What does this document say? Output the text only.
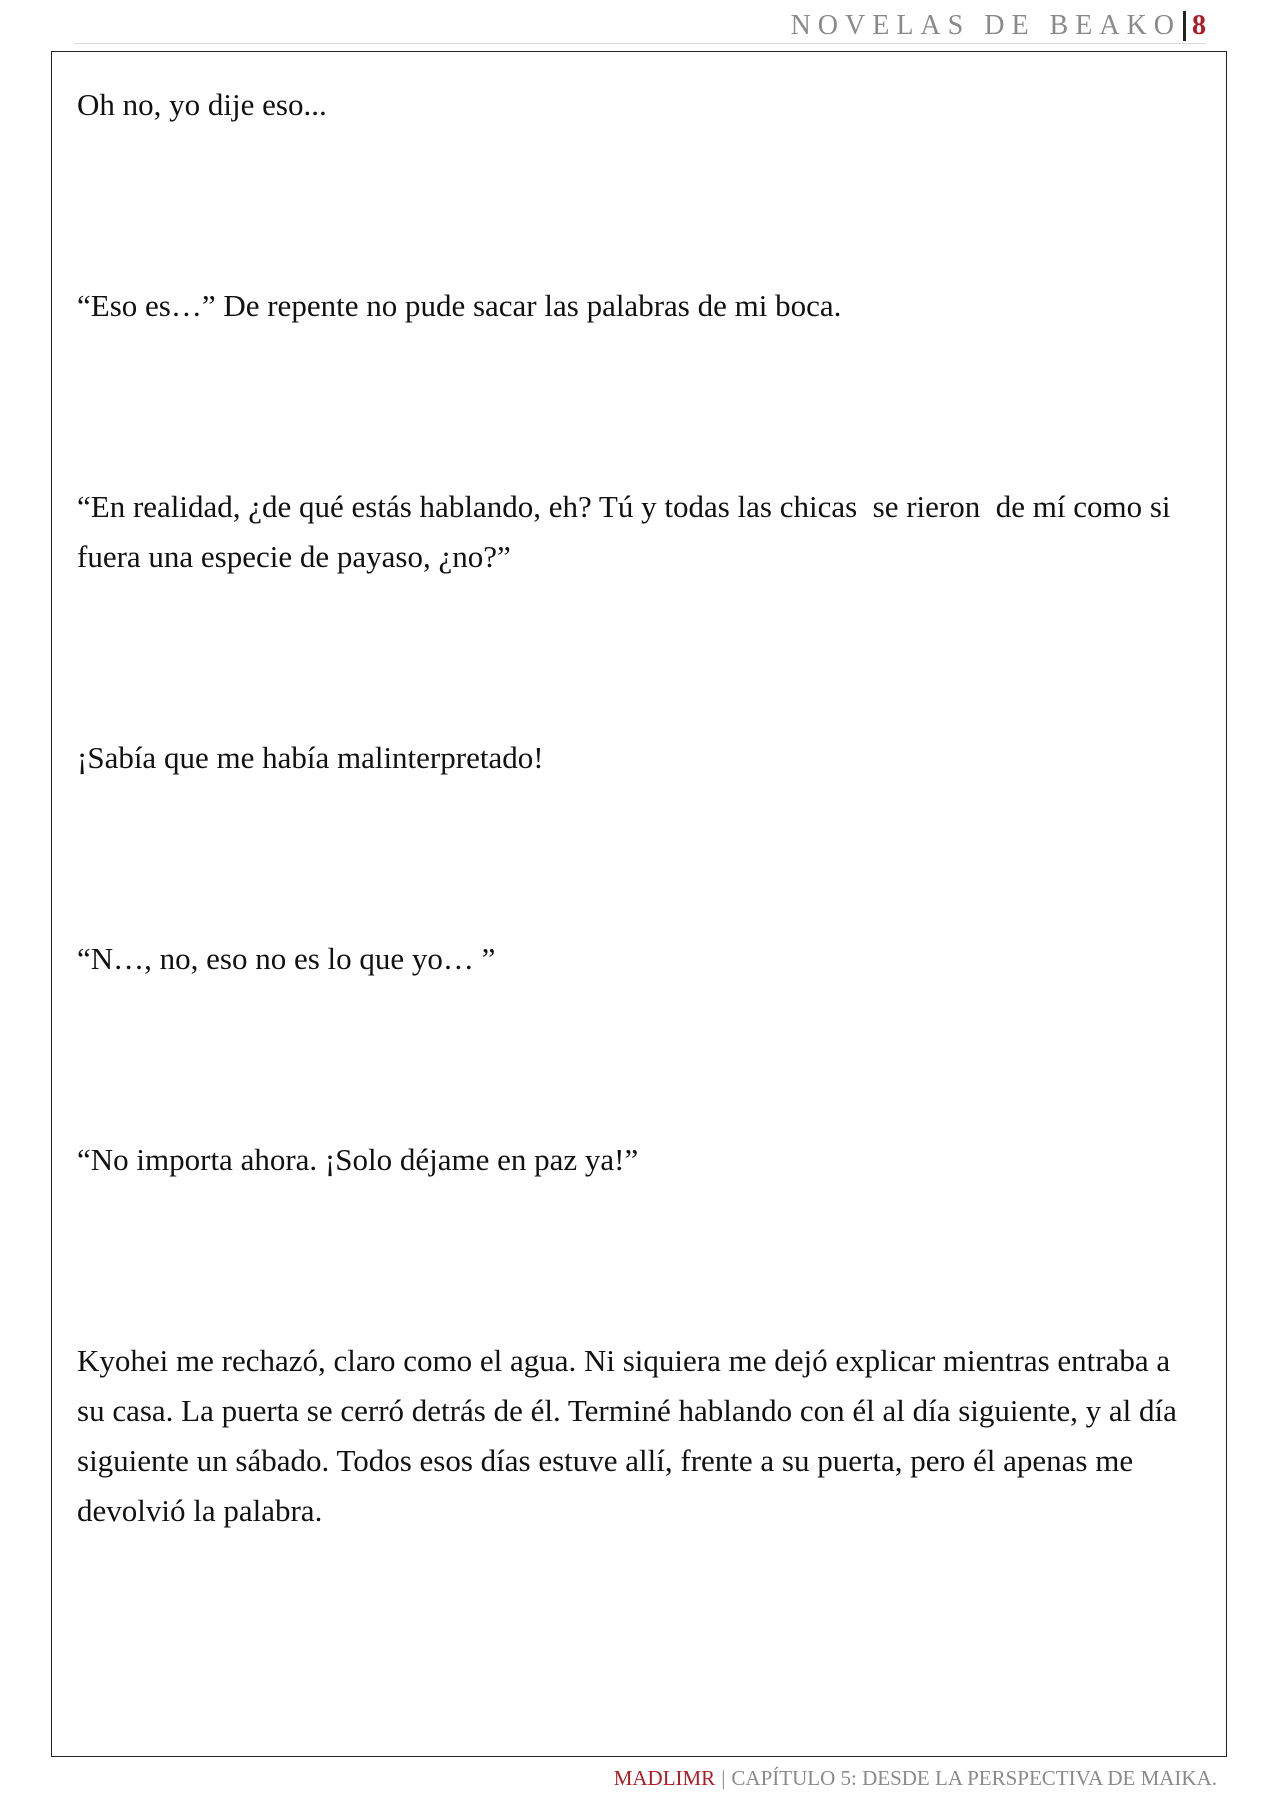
NOVELAS DE BEAKO 8

Oh no, yo dije eso...

“Eso es…” De repente no pude sacar las palabras de mi boca.

“En realidad, ¿de qué estás hablando, eh? Tú y todas las chicas  se rieron  de mí como si fuera una especie de payaso, ¿no?”

¡Sabía que me había malinterpretado!

“N…, no, eso no es lo que yo… ”

“No importa ahora. ¡Solo déjame en paz ya!”

Kyohei me rechazó, claro como el agua. Ni siquiera me dejó explicar mientras entraba a su casa. La puerta se cerró detrás de él. Terminé hablando con él al día siguiente, y al día siguiente un sábado. Todos esos días estuve allí, frente a su puerta, pero él apenas me devolvió la palabra.

MADLIMR | CAPÍTULO 5: DESDE LA PERSPECTIVA DE MAIKA.
